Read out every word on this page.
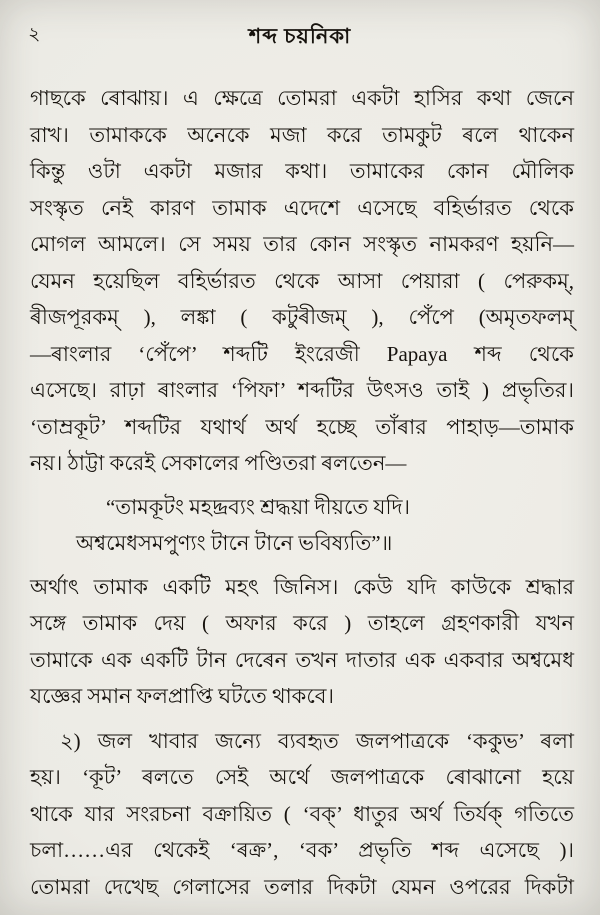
২	শব্দ চয়নিকা
গাছকে ৰোঝায়। এ ক্ষেত্রে তোমরা একটা হাসির কথা জেনে
রাখ। তামাককে অনেকে মজা করে তামকুট ৰলে থাকেন
কিন্তু ওটা একটা মজার কথা। তামাকের কোন মৌলিক
সংস্কৃত নেই কারণ তামাক এদেশে এসেছে বহির্ভারত থেকে
মোগল আমলে। সে সময় তার কোন সংস্কৃত নামকরণ হয়নি—
যেমন হয়েছিল বহির্ভারত থেকে আসা পেয়ারা ( পেরুকম্,
ৰীজপূরকম্ ), লঙ্কা ( কটুৰীজম্ ), পেঁপে (অমৃতফলম্
—ৰাংলার ‘পেঁপে’ শব্দটি ইংরেজী Papaya শব্দ থেকে
এসেছে। রাঢ়া ৰাংলার ‘পিফা’ শব্দটির উৎসও তাই ) প্রভৃতির।
‘তাম্রকূট’ শব্দটির যথার্থ অর্থ হচ্ছে তাঁৰার পাহাড়—তামাক
নয়। ঠাট্টা করেই সেকালের পণ্ডিতরা ৰলতেন—
“তামকূটং মহদ্দ্ৰব্যং শ্রদ্ধয়া দীয়তে যদি।
অশ্বমেধসমপুণ্যং টানে টানে ভবিষ্যতি”॥
অর্থাৎ তামাক একটি মহৎ জিনিস। কেউ যদি কাউকে শ্রদ্ধার
সঙ্গে তামাক দেয় ( অফার করে ) তাহলে গ্রহণকারী যখন
তামাকে এক একটি টান দেৰেন তখন দাতার এক একবার অশ্বমেধ
যজ্ঞের সমান ফলপ্রাপ্তি ঘটতে থাকবে।
২) জল খাবার জন্যে ব্যবহৃত জলপাত্রকে ‘ককুভ’ ৰলা
হয়। ‘কূট’ ৰলতে সেই অর্থে জলপাত্রকে ৰোঝানো হয়ে
থাকে যার সংরচনা বক্রায়িত ( ‘বক্’ ধাতুর অর্থ তির্যক্ গতিতে
চলা……এর থেকেই ‘ৰক্র’, ‘বক’ প্রভৃতি শব্দ এসেছে )।
তোমরা দেখেছ গেলাসের তলার দিকটা যেমন ওপরের দিকটা
